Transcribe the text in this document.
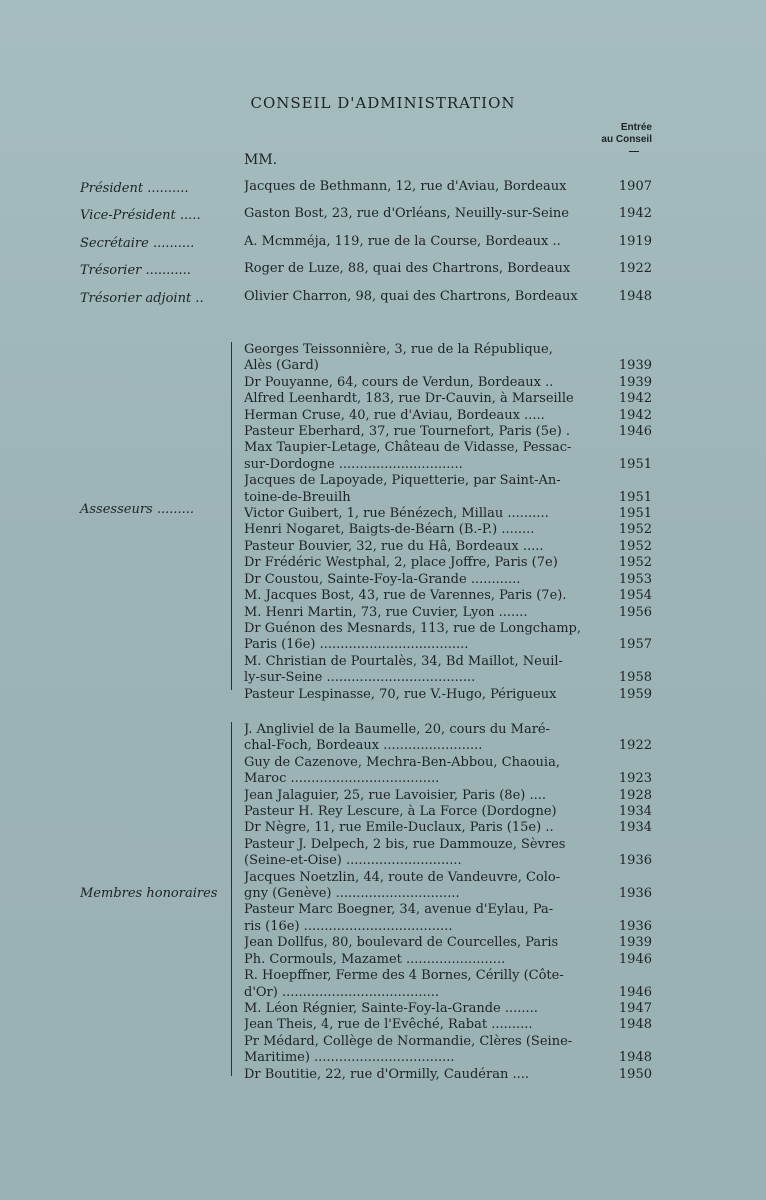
CONSEIL D'ADMINISTRATION
Entrée
au Conseil
—
MM.
Président ..........	Jacques de Bethmann, 12, rue d'Aviau, Bordeaux	1907
Vice-Président .....	Gaston Bost, 23, rue d'Orléans, Neuilly-sur-Seine	1942
Secrétaire ..........	A. Mcmméja, 119, rue de la Course, Bordeaux ..	1919
Trésorier ...........	Roger de Luze, 88, quai des Chartrons, Bordeaux	1922
Trésorier adjoint ..	Olivier Charron, 98, quai des Chartrons, Bordeaux	1948
Assesseurs .........
Georges Teissonnière, 3, rue de la République,
Alès (Gard)	1939
Dr Pouyanne, 64, cours de Verdun, Bordeaux ..	1939
Alfred Leenhardt, 183, rue Dr-Cauvin, à Marseille	1942
Herman Cruse, 40, rue d'Aviau, Bordeaux .....	1942
Pasteur Eberhard, 37, rue Tournefort, Paris (5e) .	1946
Max Taupier-Letage, Château de Vidasse, Pessac-
sur-Dordogne ..............................	1951
Jacques de Lapoyade, Piquetterie, par Saint-An-
toine-de-Breuilh	1951
Victor Guibert, 1, rue Bénézech, Millau ..........	1951
Henri Nogaret, Baigts-de-Béarn (B.-P.) ........	1952
Pasteur Bouvier, 32, rue du Hâ, Bordeaux .....	1952
Dr Frédéric Westphal, 2, place Joffre, Paris (7e)	1952
Dr Coustou, Sainte-Foy-la-Grande ............	1953
M. Jacques Bost, 43, rue de Varennes, Paris (7e).	1954
M. Henri Martin, 73, rue Cuvier, Lyon .......	1956
Dr Guénon des Mesnards, 113, rue de Longchamp,
Paris (16e) ....................................	1957
M. Christian de Pourtalès, 34, Bd Maillot, Neuil-
ly-sur-Seine ....................................	1958
Pasteur Lespinasse, 70, rue V.-Hugo, Périgueux	1959
Membres honoraires
J. Angliviel de la Baumelle, 20, cours du Maré-
chal-Foch, Bordeaux ........................	1922
Guy de Cazenove, Mechra-Ben-Abbou, Chaouia,
Maroc ....................................	1923
Jean Jalaguier, 25, rue Lavoisier, Paris (8e) ....	1928
Pasteur H. Rey Lescure, à La Force (Dordogne)	1934
Dr Nègre, 11, rue Emile-Duclaux, Paris (15e) ..	1934
Pasteur J. Delpech, 2 bis, rue Dammouze, Sèvres
(Seine-et-Oise) ............................	1936
Jacques Noetzlin, 44, route de Vandeuvre, Colo-
gny (Genève) ..............................	1936
Pasteur Marc Boegner, 34, avenue d'Eylau, Pa-
ris (16e) ....................................	1936
Jean Dollfus, 80, boulevard de Courcelles, Paris	1939
Ph. Cormouls, Mazamet ........................	1946
R. Hoepffner, Ferme des 4 Bornes, Cérilly (Côte-
d'Or) ......................................	1946
M. Léon Régnier, Sainte-Foy-la-Grande ........	1947
Jean Theis, 4, rue de l'Evêché, Rabat ..........	1948
Pr Médard, Collège de Normandie, Clères (Seine-
Maritime) ..................................	1948
Dr Boutitie, 22, rue d'Ormilly, Caudéran ....	1950
